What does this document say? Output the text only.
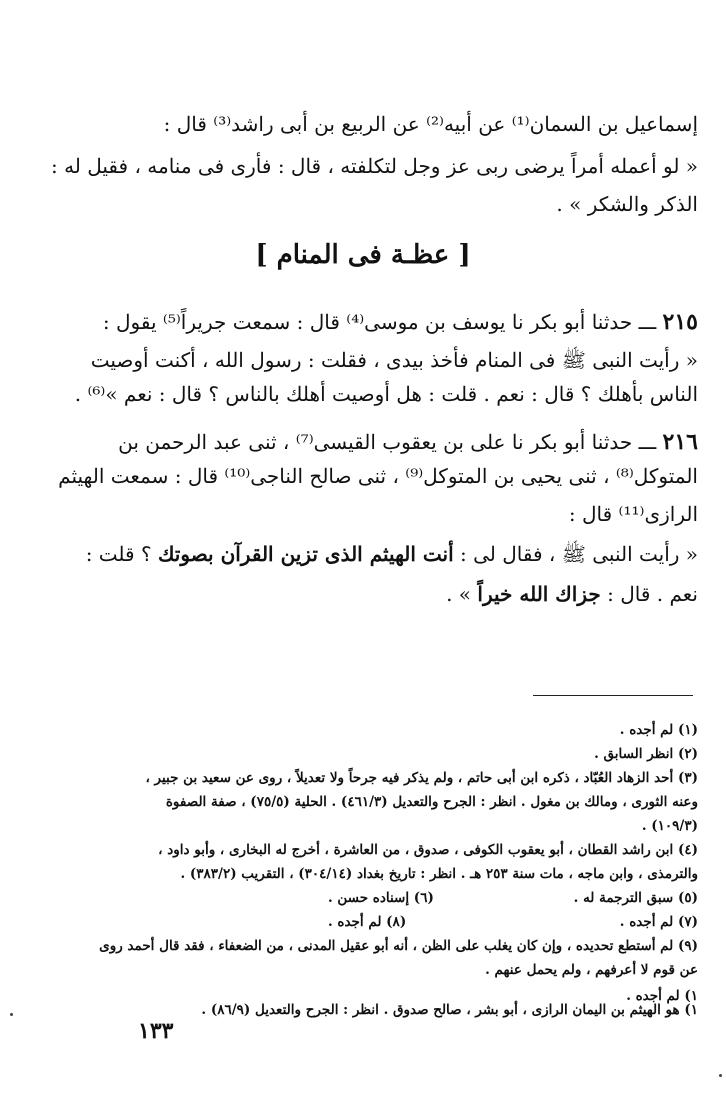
إسماعيل بن السمان⁽¹⁾ عن أبيه⁽²⁾ عن الربيع بن أبى راشد⁽³⁾ قال :
« لو أعمله أمراً يرضى ربى عز وجل لتكلفته ، قال : فأرى فى منامه ، فقيل له :
الذكر والشكر » .
[ عظـة فى المنام ]
٢١٥ ـــ حدثنا أبو بكر نا يوسف بن موسى⁽⁴⁾ قال : سمعت جريراً⁽⁵⁾ يقول :
« رأيت النبى ﷺ فى المنام فأخذ بيدى ، فقلت : رسول الله ، أكنت أوصيت
الناس بأهلك ؟ قال : نعم . قلت : هل أوصيت أهلك بالناس ؟ قال : نعم »⁽⁶⁾ .
٢١٦ ـــ حدثنا أبو بكر نا على بن يعقوب القيسى⁽⁷⁾ ، ثنى عبد الرحمن بن
المتوكل⁽⁸⁾ ، ثنى يحيى بن المتوكل⁽⁹⁾ ، ثنى صالح الناجى⁽¹⁰⁾ قال : سمعت الهيثم
الرازى⁽¹¹⁾ قال :
« رأيت النبى ﷺ ، فقال لى : أنت الهيثم الذى تزين القرآن بصوتك ؟ قلت :
نعم . قال : جزاك الله خيراً » .
(١) لم أجده .
(٢) انظر السابق .
(٣) أحد الزهاد العُبّاد ، ذكره ابن أبى حاتم ، ولم يذكر فيه جرحاً ولا تعديلاً ، روى عن سعيد بن جبير ،
وعنه الثورى ، ومالك بن مغول . انظر : الجرح والتعديل (٤٦١/٣) . الحلية (٧٥/٥) ، صفة الصفوة
(١٠٩/٣) .
(٤) ابن راشد القطان ، أبو يعقوب الكوفى ، صدوق ، من العاشرة ، أخرج له البخارى ، وأبو داود ،
والترمذى ، وابن ماجه ، مات سنة ٢٥٣ هـ . انظر : تاريخ بغداد (٣٠٤/١٤) ، التقريب (٣٨٣/٢) .
(٥) سبق الترجمة له .
(٦) إسناده حسن .
(٧) لم أجده .
(٨) لم أجده .
(٩) لم أستطع تحديده ، وإن كان يغلب على الظن ، أنه أبو عقيل المدنى ، من الضعفاء ، فقد قال أحمد روى
عن قوم لا أعرفهم ، ولم يحمل عنهم .
١) لم أجده .
١) هو الهيثم بن اليمان الرازى ، أبو بشر ، صالح صدوق . انظر : الجرح والتعديل (٨٦/٩) .
١٣٣
